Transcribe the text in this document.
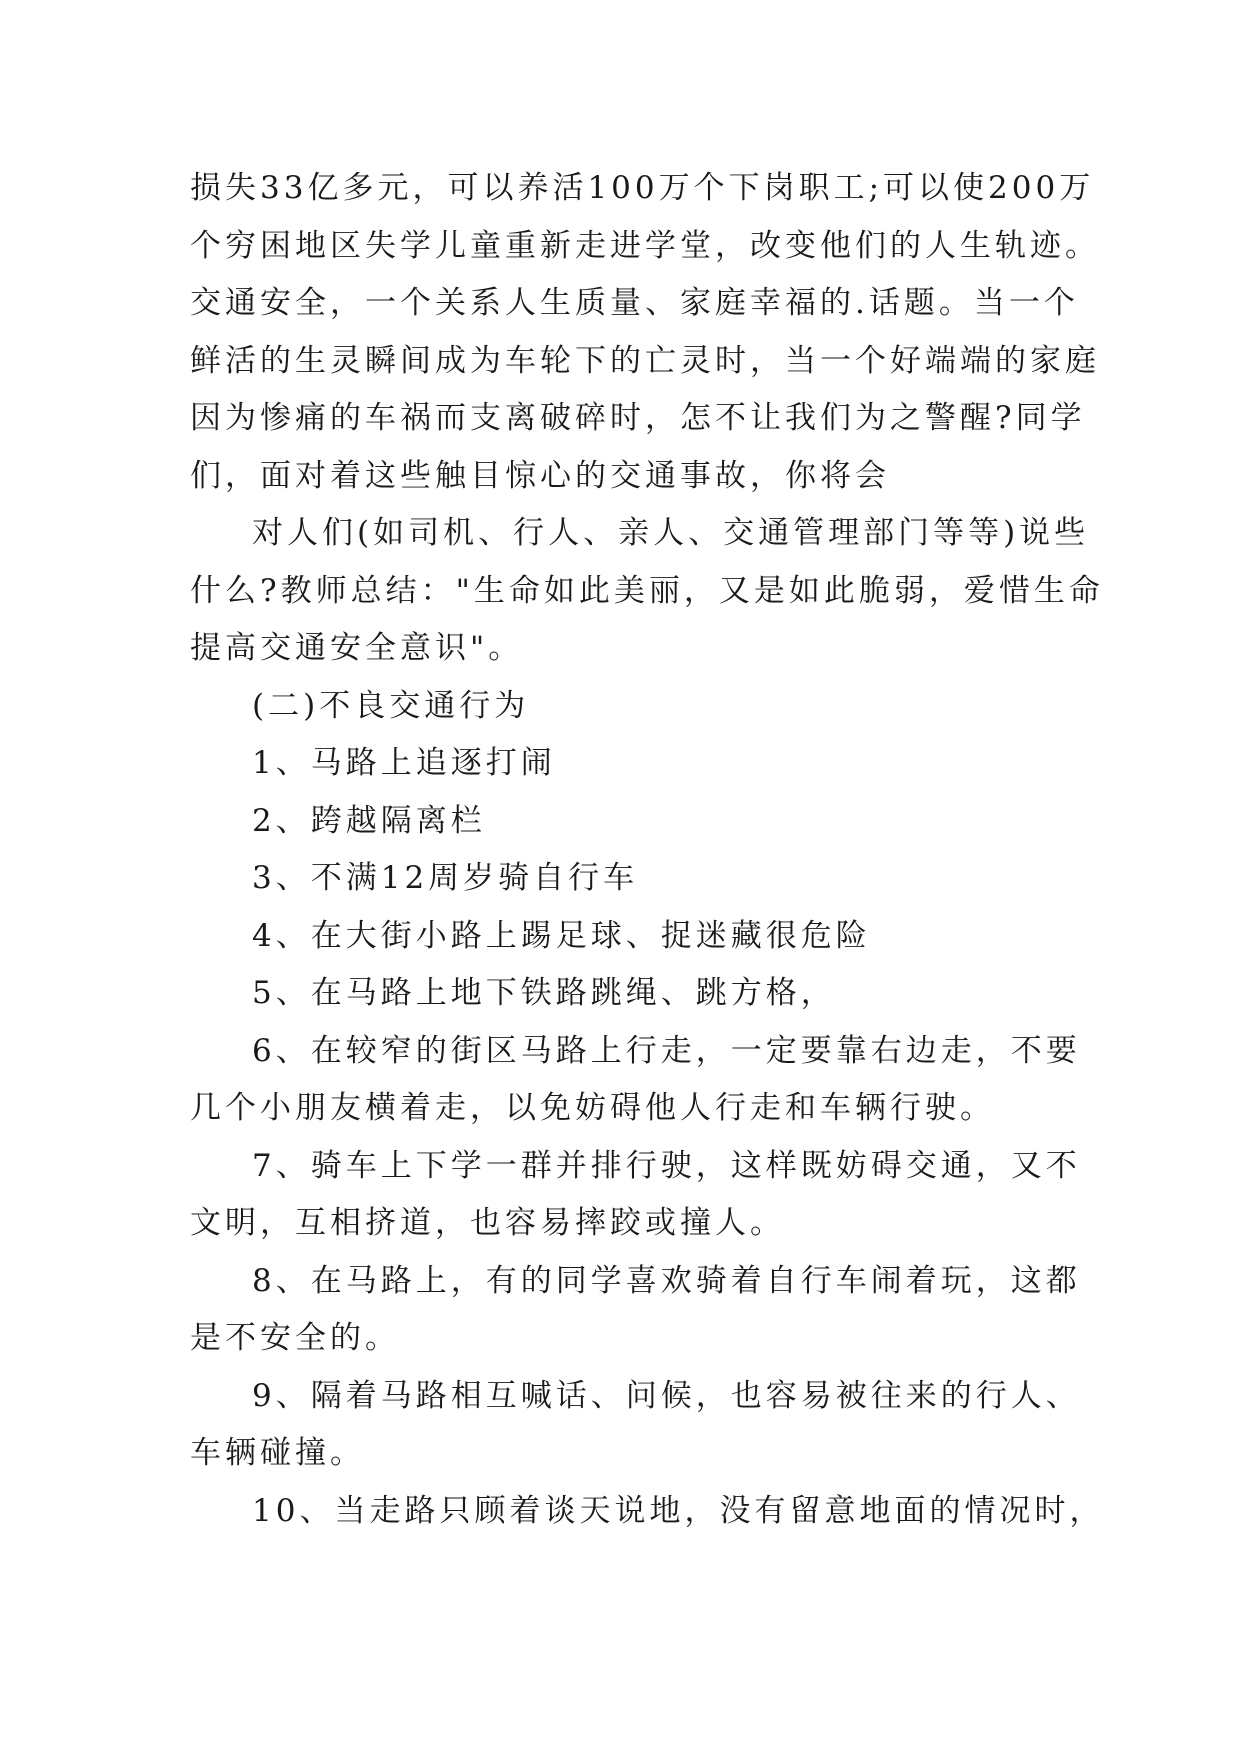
损失33亿多元，可以养活100万个下岗职工;可以使200万

个穷困地区失学儿童重新走进学堂，改变他们的人生轨迹。

交通安全，一个关系人生质量、家庭幸福的.话题。当一个

鲜活的生灵瞬间成为车轮下的亡灵时，当一个好端端的家庭

因为惨痛的车祸而支离破碎时，怎不让我们为之警醒?同学

们，面对着这些触目惊心的交通事故，你将会

对人们(如司机、行人、亲人、交通管理部门等等)说些

什么?教师总结："生命如此美丽，又是如此脆弱，爱惜生命

提高交通安全意识"。

(二)不良交通行为

1、马路上追逐打闹

2、跨越隔离栏

3、不满12周岁骑自行车

4、在大街小路上踢足球、捉迷藏很危险

5、在马路上地下铁路跳绳、跳方格，

6、在较窄的街区马路上行走，一定要靠右边走，不要

几个小朋友横着走，以免妨碍他人行走和车辆行驶。

7、骑车上下学一群并排行驶，这样既妨碍交通，又不

文明，互相挤道，也容易摔跤或撞人。

8、在马路上，有的同学喜欢骑着自行车闹着玩，这都

是不安全的。

9、隔着马路相互喊话、问候，也容易被往来的行人、

车辆碰撞。

10、当走路只顾着谈天说地，没有留意地面的情况时，
